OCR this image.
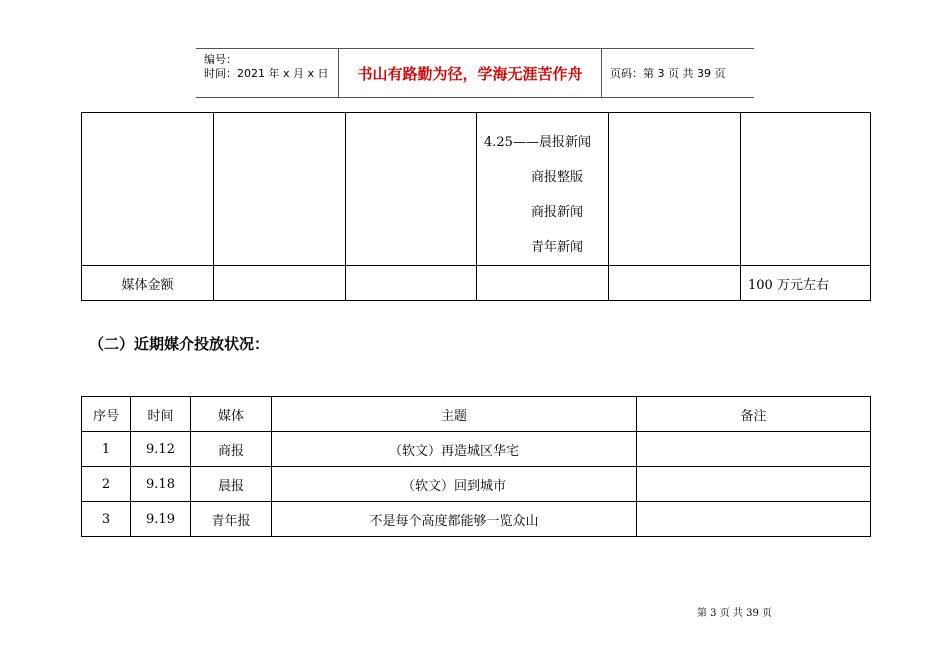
编号：
时间：2021 年 x 月 x 日	书山有路勤为径，学海无涯苦作舟	页码：第 3 页 共 39 页

			4.25——晨报新闻
商报整版
商报新闻
青年新闻		

媒体金额					100 万元左右
（二）近期媒介投放状况：
序号	时间	媒体	主题	备注
1	9.12	商报	（软文）再造城区华宅	
2	9.18	晨报	（软文）回到城市	
3	9.19	青年报	不是每个高度都能够一览众山	
第 3 页 共 39 页
